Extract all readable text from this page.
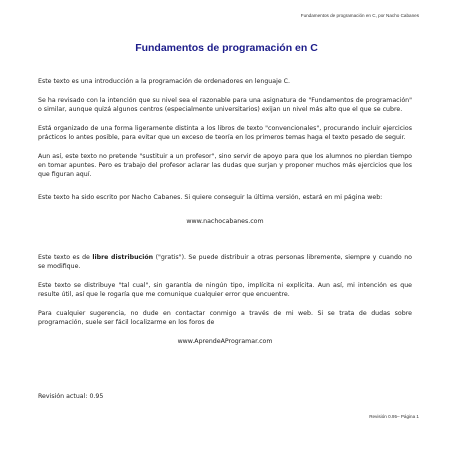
Fundamentos de programación en C, por Nacho Cabanes
Fundamentos de programación en C

Este texto es una introducción a la programación de ordenadores en lenguaje C.

Se ha revisado con la intención que su nivel sea el razonable para una asignatura de "Fundamentos de programación" o similar, aunque quizá algunos centros (especialmente universitarios) exijan un nivel más alto que el que se cubre.

Está organizado de una forma ligeramente distinta a los libros de texto "convencionales", procurando incluir ejercicios prácticos lo antes posible, para evitar que un exceso de teoría en los primeros temas haga el texto pesado de seguir.

Aun así, este texto no pretende "sustituir a un profesor", sino servir de apoyo para que los alumnos no pierdan tiempo en tomar apuntes. Pero es trabajo del profesor aclarar las dudas que surjan y proponer muchos más ejercicios que los que figuran aquí.

Este texto ha sido escrito por Nacho Cabanes. Si quiere conseguir la última versión, estará en mi página web:

www.nachocabanes.com

Este texto es de libre distribución ("gratis"). Se puede distribuir a otras personas libremente, siempre y cuando no se modifique.

Este texto se distribuye "tal cual", sin garantía de ningún tipo, implícita ni explícita. Aun así, mi intención es que resulte útil, así que le rogaría que me comunique cualquier error que encuentre.

Para cualquier sugerencia, no dude en contactar conmigo a través de mi web. Si se trata de dudas sobre programación, suele ser fácil localizarme en los foros de

www.AprendeAProgramar.com

Revisión actual: 0.95
Revisión 0.95– Página 1
